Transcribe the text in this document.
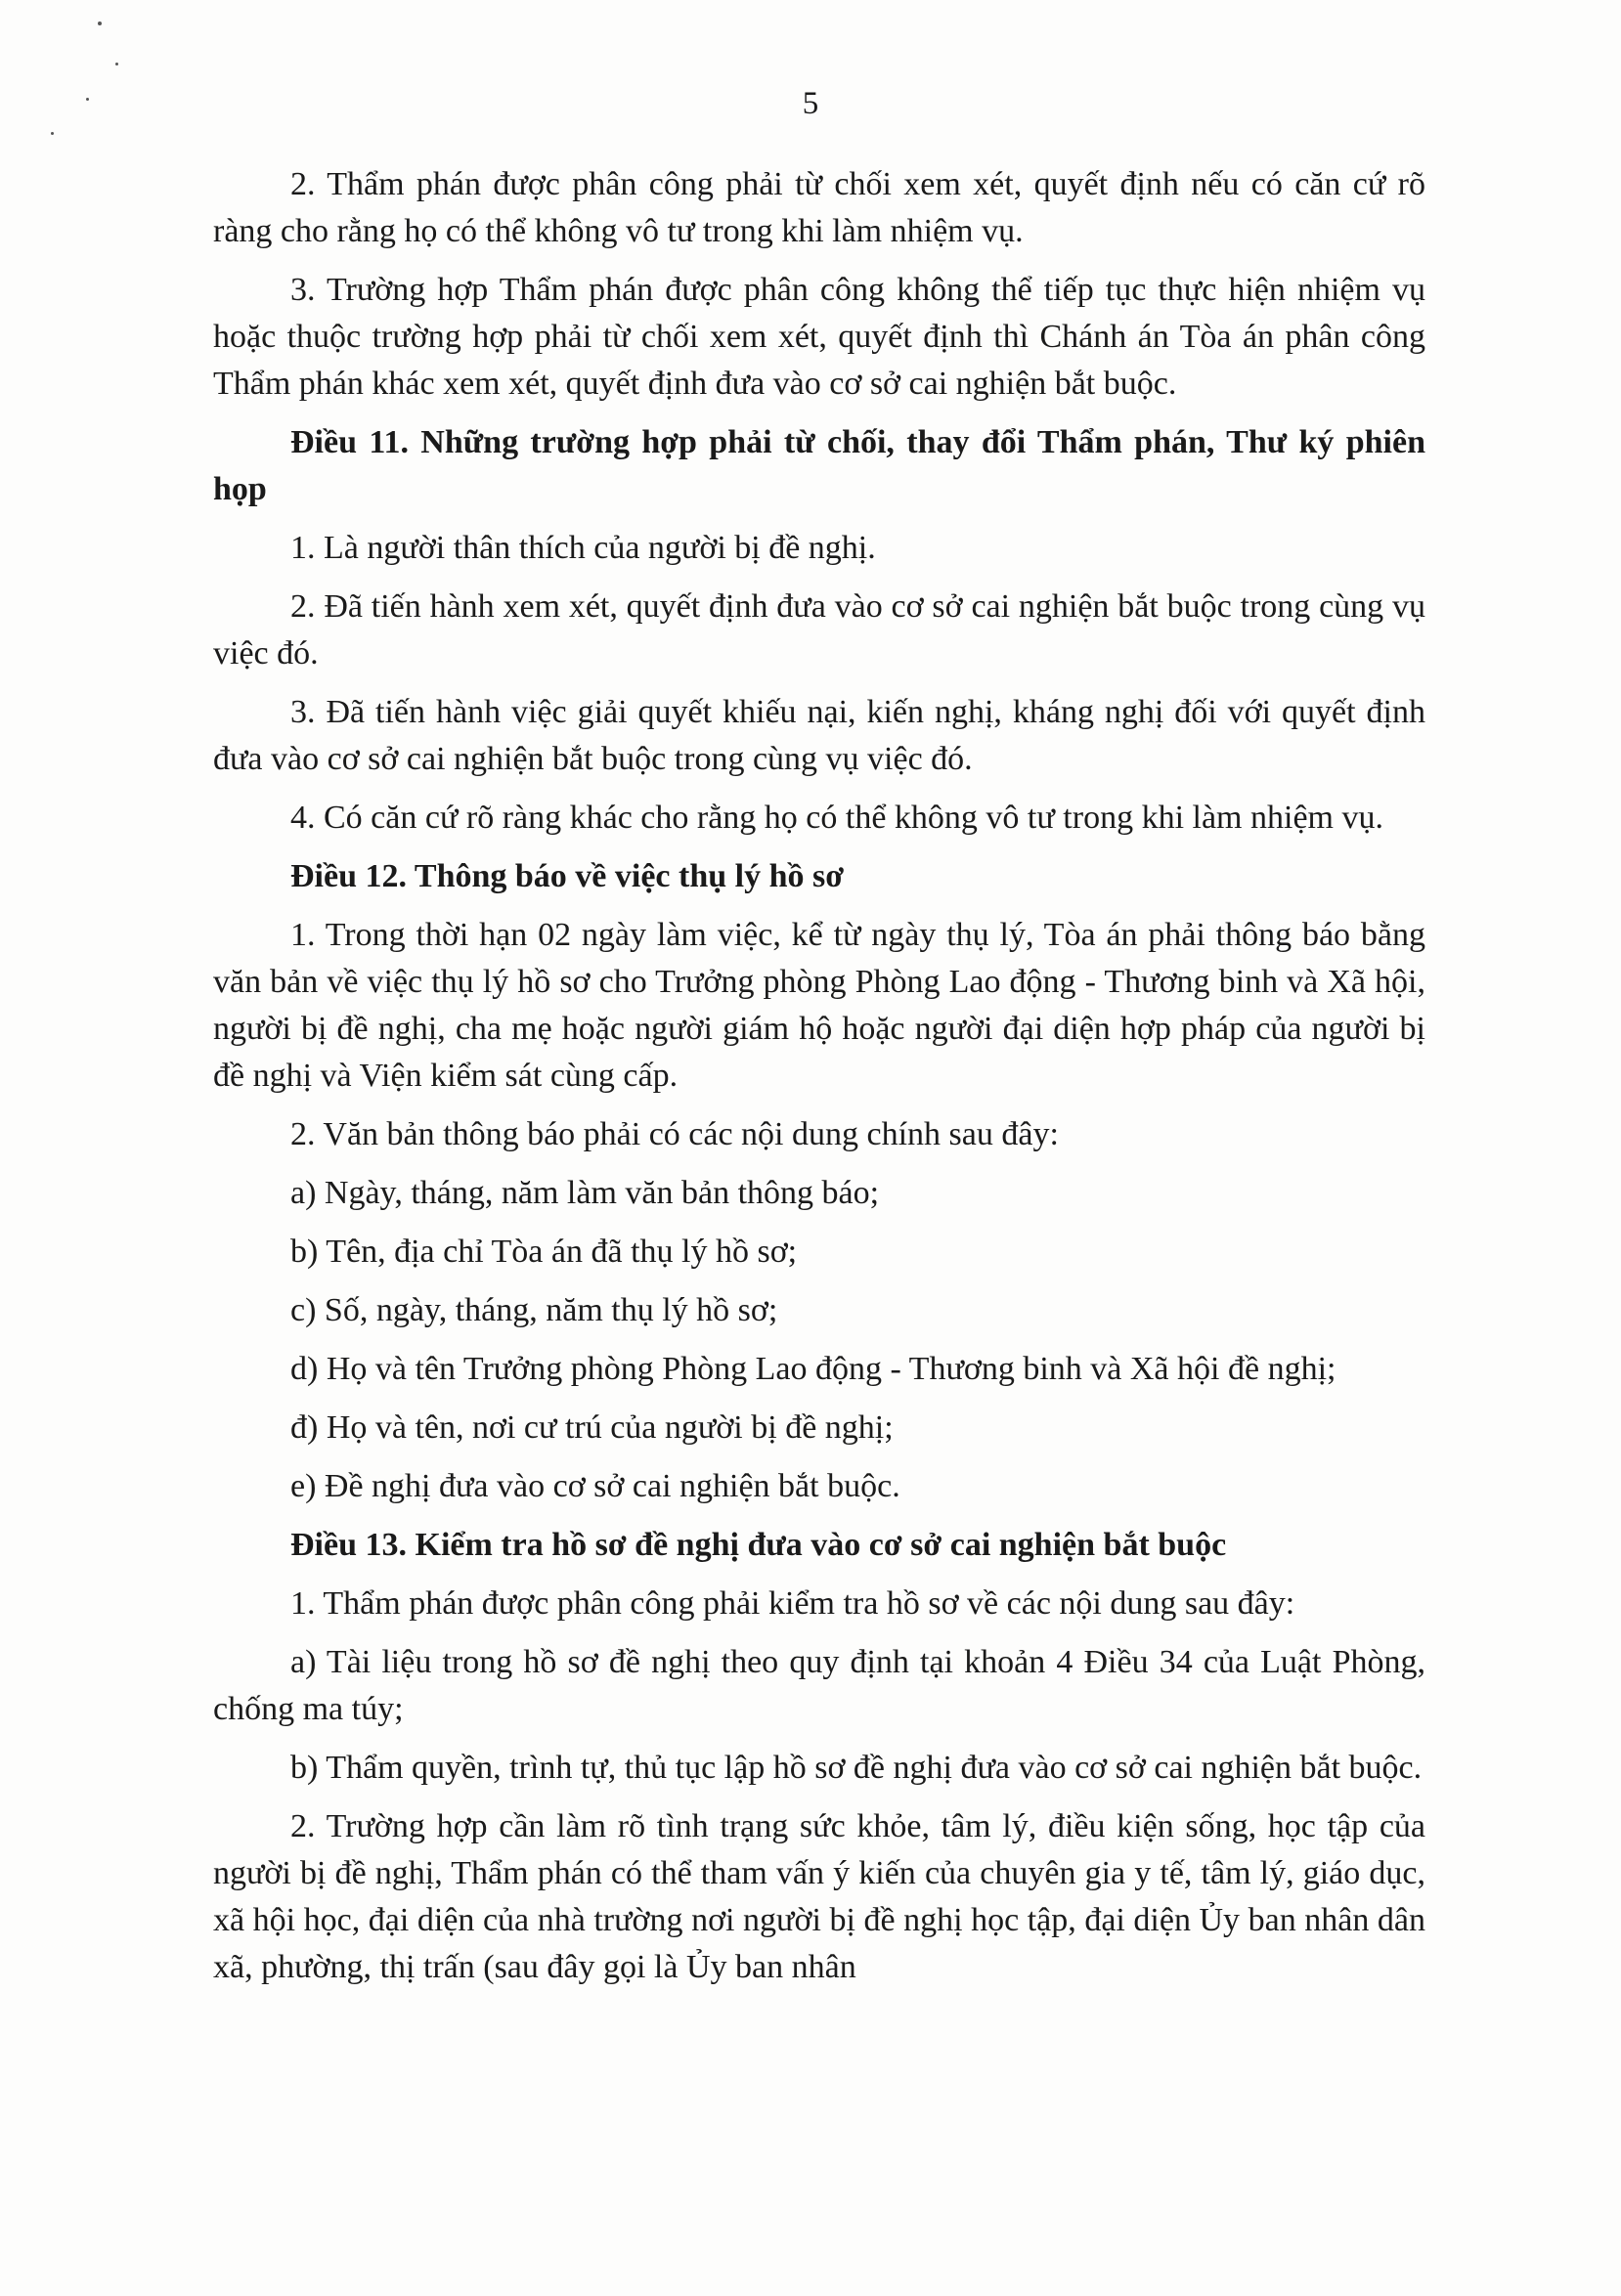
5

2. Thẩm phán được phân công phải từ chối xem xét, quyết định nếu có căn cứ rõ ràng cho rằng họ có thể không vô tư trong khi làm nhiệm vụ.

3. Trường hợp Thẩm phán được phân công không thể tiếp tục thực hiện nhiệm vụ hoặc thuộc trường hợp phải từ chối xem xét, quyết định thì Chánh án Tòa án phân công Thẩm phán khác xem xét, quyết định đưa vào cơ sở cai nghiện bắt buộc.

Điều 11. Những trường hợp phải từ chối, thay đổi Thẩm phán, Thư ký phiên họp

1. Là người thân thích của người bị đề nghị.

2. Đã tiến hành xem xét, quyết định đưa vào cơ sở cai nghiện bắt buộc trong cùng vụ việc đó.

3. Đã tiến hành việc giải quyết khiếu nại, kiến nghị, kháng nghị đối với quyết định đưa vào cơ sở cai nghiện bắt buộc trong cùng vụ việc đó.

4. Có căn cứ rõ ràng khác cho rằng họ có thể không vô tư trong khi làm nhiệm vụ.

Điều 12. Thông báo về việc thụ lý hồ sơ

1. Trong thời hạn 02 ngày làm việc, kể từ ngày thụ lý, Tòa án phải thông báo bằng văn bản về việc thụ lý hồ sơ cho Trưởng phòng Phòng Lao động - Thương binh và Xã hội, người bị đề nghị, cha mẹ hoặc người giám hộ hoặc người đại diện hợp pháp của người bị đề nghị và Viện kiểm sát cùng cấp.

2. Văn bản thông báo phải có các nội dung chính sau đây:

a) Ngày, tháng, năm làm văn bản thông báo;

b) Tên, địa chỉ Tòa án đã thụ lý hồ sơ;

c) Số, ngày, tháng, năm thụ lý hồ sơ;

d) Họ và tên Trưởng phòng Phòng Lao động - Thương binh và Xã hội đề nghị;

đ) Họ và tên, nơi cư trú của người bị đề nghị;

e) Đề nghị đưa vào cơ sở cai nghiện bắt buộc.

Điều 13. Kiểm tra hồ sơ đề nghị đưa vào cơ sở cai nghiện bắt buộc

1. Thẩm phán được phân công phải kiểm tra hồ sơ về các nội dung sau đây:

a) Tài liệu trong hồ sơ đề nghị theo quy định tại khoản 4 Điều 34 của Luật Phòng, chống ma túy;

b) Thẩm quyền, trình tự, thủ tục lập hồ sơ đề nghị đưa vào cơ sở cai nghiện bắt buộc.

2. Trường hợp cần làm rõ tình trạng sức khỏe, tâm lý, điều kiện sống, học tập của người bị đề nghị, Thẩm phán có thể tham vấn ý kiến của chuyên gia y tế, tâm lý, giáo dục, xã hội học, đại diện của nhà trường nơi người bị đề nghị học tập, đại diện Ủy ban nhân dân xã, phường, thị trấn (sau đây gọi là Ủy ban nhân
